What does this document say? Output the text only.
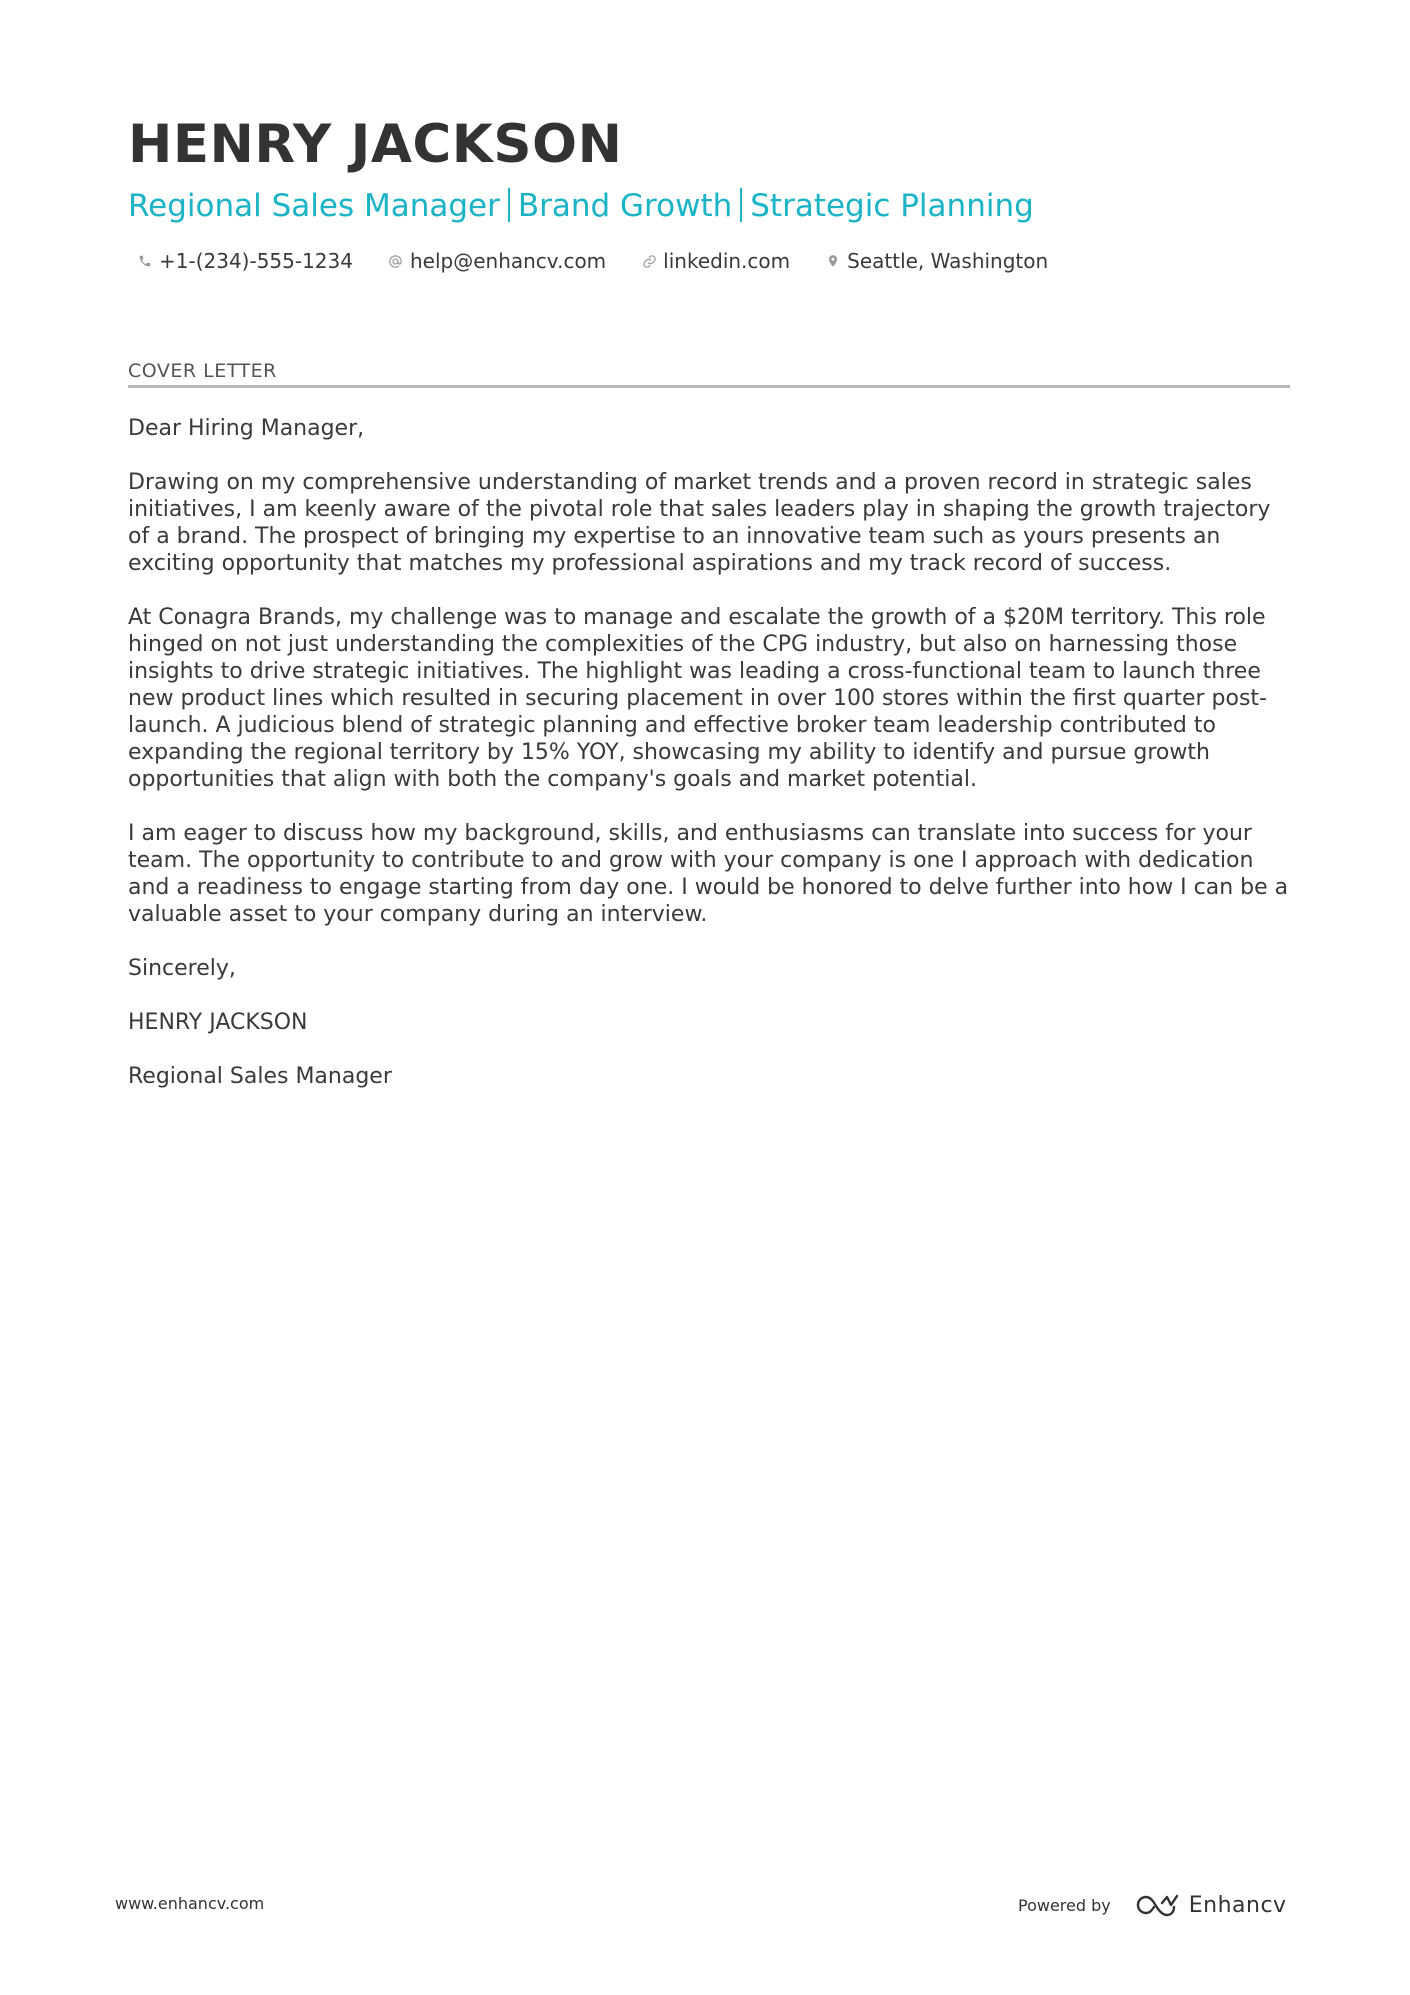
HENRY JACKSON
Regional Sales Manager Brand Growth Strategic Planning
+1-(234)-555-1234	help@enhancv.com	linkedin.com	Seattle, Washington
COVER LETTER

Dear Hiring Manager,

Drawing on my comprehensive understanding of market trends and a proven record in strategic sales initiatives, I am keenly aware of the pivotal role that sales leaders play in shaping the growth trajectory of a brand. The prospect of bringing my expertise to an innovative team such as yours presents an exciting opportunity that matches my professional aspirations and my track record of success.

At Conagra Brands, my challenge was to manage and escalate the growth of a $20M territory. This role hinged on not just understanding the complexities of the CPG industry, but also on harnessing those insights to drive strategic initiatives. The highlight was leading a cross-functional team to launch three new product lines which resulted in securing placement in over 100 stores within the first quarter post-launch. A judicious blend of strategic planning and effective broker team leadership contributed to expanding the regional territory by 15% YOY, showcasing my ability to identify and pursue growth opportunities that align with both the company's goals and market potential.

I am eager to discuss how my background, skills, and enthusiasms can translate into success for your team. The opportunity to contribute to and grow with your company is one I approach with dedication and a readiness to engage starting from day one. I would be honored to delve further into how I can be a valuable asset to your company during an interview.

Sincerely,

HENRY JACKSON

Regional Sales Manager

www.enhancv.com	Powered by	Enhancv
